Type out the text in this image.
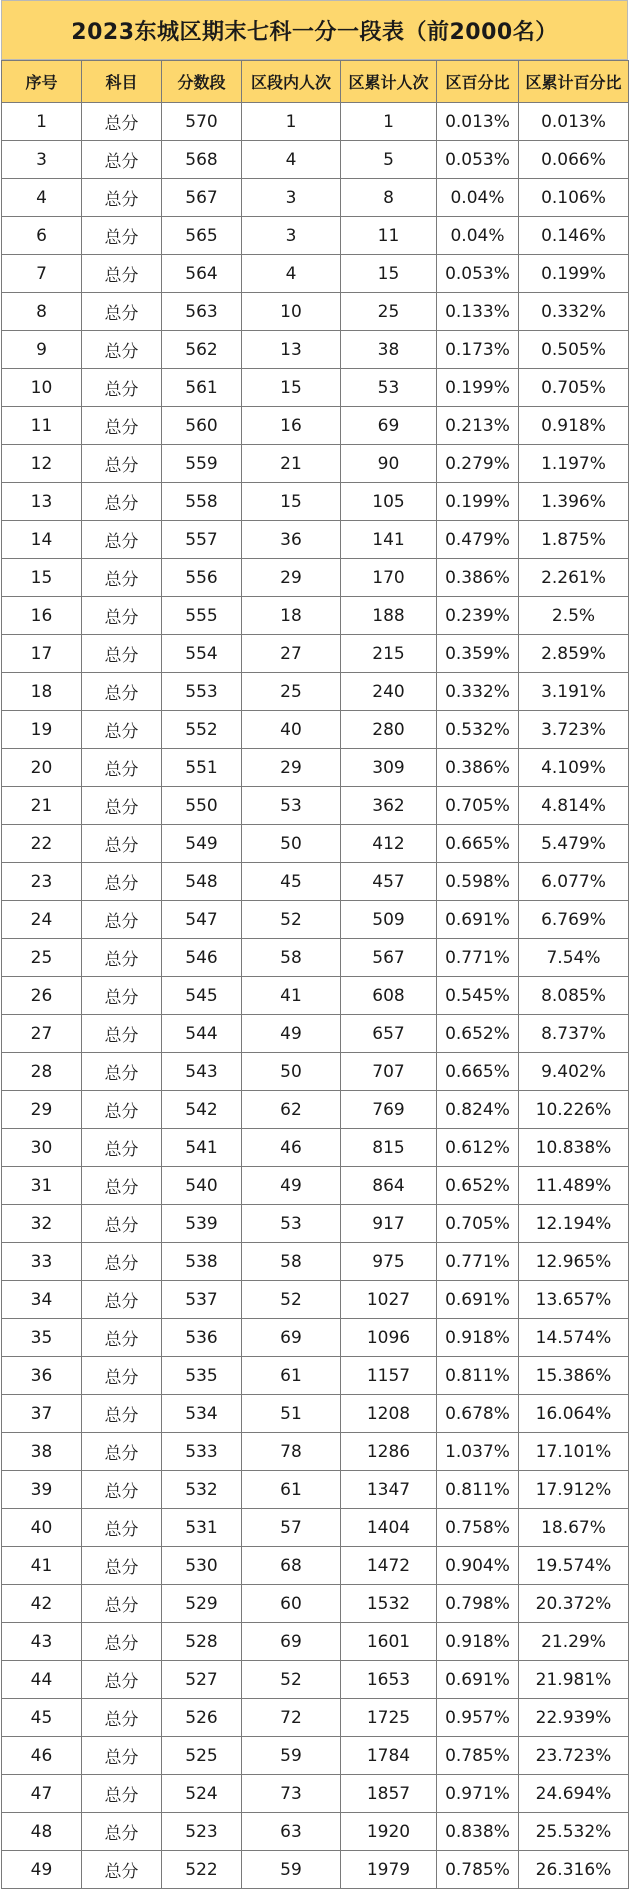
2023东城区期末七科一分一段表（前2000名）
序号	科目	分数段	区段内人次	区累计人次	区百分比	区累计百分比
1	总分	570	1	1	0.013%	0.013%
3	总分	568	4	5	0.053%	0.066%
4	总分	567	3	8	0.04%	0.106%
6	总分	565	3	11	0.04%	0.146%
7	总分	564	4	15	0.053%	0.199%
8	总分	563	10	25	0.133%	0.332%
9	总分	562	13	38	0.173%	0.505%
10	总分	561	15	53	0.199%	0.705%
11	总分	560	16	69	0.213%	0.918%
12	总分	559	21	90	0.279%	1.197%
13	总分	558	15	105	0.199%	1.396%
14	总分	557	36	141	0.479%	1.875%
15	总分	556	29	170	0.386%	2.261%
16	总分	555	18	188	0.239%	2.5%
17	总分	554	27	215	0.359%	2.859%
18	总分	553	25	240	0.332%	3.191%
19	总分	552	40	280	0.532%	3.723%
20	总分	551	29	309	0.386%	4.109%
21	总分	550	53	362	0.705%	4.814%
22	总分	549	50	412	0.665%	5.479%
23	总分	548	45	457	0.598%	6.077%
24	总分	547	52	509	0.691%	6.769%
25	总分	546	58	567	0.771%	7.54%
26	总分	545	41	608	0.545%	8.085%
27	总分	544	49	657	0.652%	8.737%
28	总分	543	50	707	0.665%	9.402%
29	总分	542	62	769	0.824%	10.226%
30	总分	541	46	815	0.612%	10.838%
31	总分	540	49	864	0.652%	11.489%
32	总分	539	53	917	0.705%	12.194%
33	总分	538	58	975	0.771%	12.965%
34	总分	537	52	1027	0.691%	13.657%
35	总分	536	69	1096	0.918%	14.574%
36	总分	535	61	1157	0.811%	15.386%
37	总分	534	51	1208	0.678%	16.064%
38	总分	533	78	1286	1.037%	17.101%
39	总分	532	61	1347	0.811%	17.912%
40	总分	531	57	1404	0.758%	18.67%
41	总分	530	68	1472	0.904%	19.574%
42	总分	529	60	1532	0.798%	20.372%
43	总分	528	69	1601	0.918%	21.29%
44	总分	527	52	1653	0.691%	21.981%
45	总分	526	72	1725	0.957%	22.939%
46	总分	525	59	1784	0.785%	23.723%
47	总分	524	73	1857	0.971%	24.694%
48	总分	523	63	1920	0.838%	25.532%
49	总分	522	59	1979	0.785%	26.316%
